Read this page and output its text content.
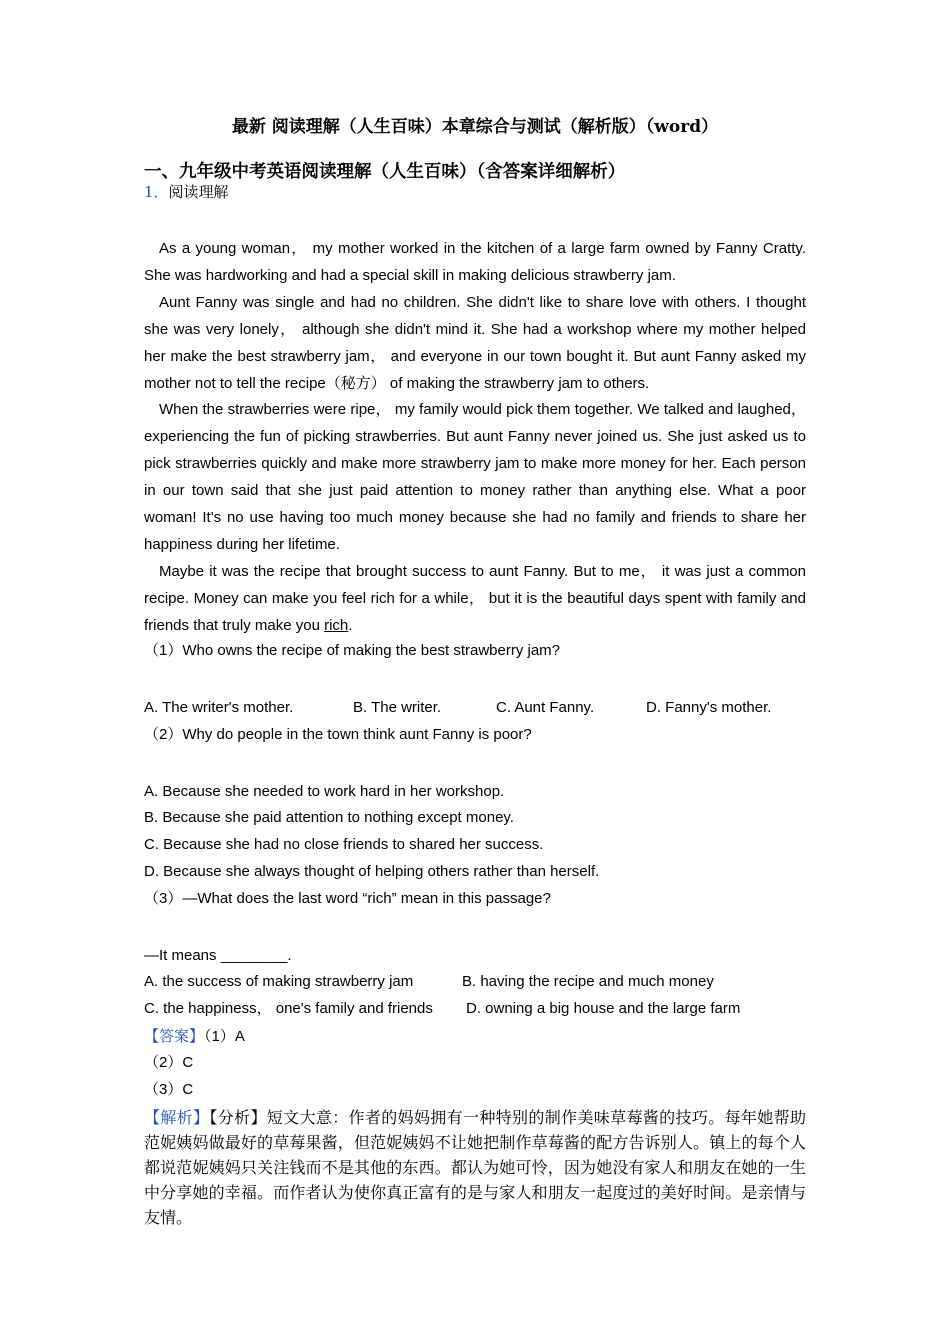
最新 阅读理解（人生百味）本章综合与测试（解析版）（word）
一、九年级中考英语阅读理解（人生百味）（含答案详细解析）
1．阅读理解

As a young woman， my mother worked in the kitchen of a large farm owned by Fanny Cratty. She was hardworking and had a special skill in making delicious strawberry jam.

Aunt Fanny was single and had no children. She didn't like to share love with others. I thought she was very lonely， although she didn't mind it. She had a workshop where my mother helped her make the best strawberry jam， and everyone in our town bought it. But aunt Fanny asked my mother not to tell the recipe（秘方） of making the strawberry jam to others.

When the strawberries were ripe， my family would pick them together. We talked and laughed， experiencing the fun of picking strawberries. But aunt Fanny never joined us. She just asked us to pick strawberries quickly and make more strawberry jam to make more money for her. Each person in our town said that she just paid attention to money rather than anything else. What a poor woman! It's no use having too much money because she had no family and friends to share her happiness during her lifetime.

Maybe it was the recipe that brought success to aunt Fanny. But to me， it was just a common recipe. Money can make you feel rich for a while， but it is the beautiful days spent with family and friends that truly make you rich.

（1）Who owns the recipe of making the best strawberry jam?
A. The writer's mother.	B. The writer.	C. Aunt Fanny.	D. Fanny's mother.
（2）Why do people in the town think aunt Fanny is poor?
A. Because she needed to work hard in her workshop.
B. Because she paid attention to nothing except money.
C. Because she had no close friends to shared her success.
D. Because she always thought of helping others rather than herself.
（3）—What does the last word “rich” mean in this passage?
—It means ________.
A. the success of making strawberry jam	B. having the recipe and much money
C. the happiness， one's family and friends D. owning a big house and the large farm
【答案】（1）A
（2）C
（3）C

【解析】【分析】短文大意：作者的妈妈拥有一种特别的制作美味草莓酱的技巧。每年她帮助范妮姨妈做最好的草莓果酱，但范妮姨妈不让她把制作草莓酱的配方告诉别人。镇上的每个人都说范妮姨妈只关注钱而不是其他的东西。都认为她可怜，因为她没有家人和朋友在她的一生中分享她的幸福。而作者认为使你真正富有的是与家人和朋友一起度过的美好时间。是亲情与友情。
